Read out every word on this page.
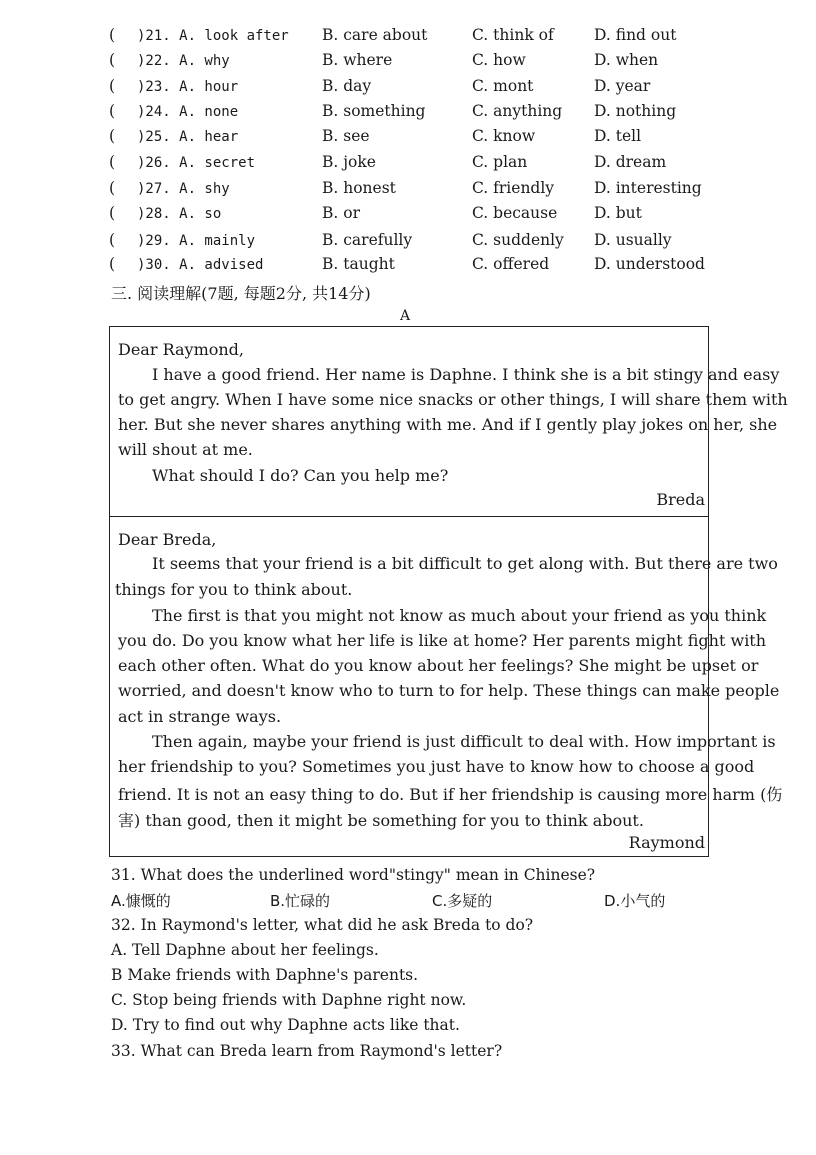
( )21. A. look after B. care about	C. think of	D. find out
( )22. A. why	B. where	C. how	D. when
( )23. A. hour	B. day	C. mont	D. year
( )24. A. none	B. something	C. anything D. nothing
( )25. A. hear	B. see	C. know	D. tell
( )26. A. secret	B. joke	C. plan	D. dream
( )27. A. shy	B. honest	C. friendly	D. interesting
( )28. A. so	B. or	C. because D. but
( )29. A. mainly	B. carefully	C. suddenly D. usually
( )30. A. advised	B. taught	C. offered	D. understood
三. 阅读理解(7题, 每题2分, 共14分)
A
Dear Raymond,
I have a good friend. Her name is Daphne. I think she is a bit stingy and easy
to get angry. When I have some nice snacks or other things, I will share them with
her. But she never shares anything with me. And if I gently play jokes on her, she
will shout at me.
What should I do? Can you help me?
Breda
Dear Breda,
It seems that your friend is a bit difficult to get along with. But there are two
things for you to think about.
The first is that you might not know as much about your friend as you think
you do. Do you know what her life is like at home? Her parents might fight with
each other often. What do you know about her feelings? She might be upset or
worried, and doesn't know who to turn to for help. These things can make people
act in strange ways.
Then again, maybe your friend is just difficult to deal with. How important is
her friendship to you? Sometimes you just have to know how to choose a good
friend. It is not an easy thing to do. But if her friendship is causing more harm (伤
害) than good, then it might be something for you to think about.
Raymond
31. What does the underlined word"stingy" mean in Chinese?
A.慷慨的	B.忙碌的	C.多疑的	D.小气的
32. In Raymond's letter, what did he ask Breda to do?
A. Tell Daphne about her feelings.
B Make friends with Daphne's parents.
C. Stop being friends with Daphne right now.
D. Try to find out why Daphne acts like that.
33. What can Breda learn from Raymond's letter?
